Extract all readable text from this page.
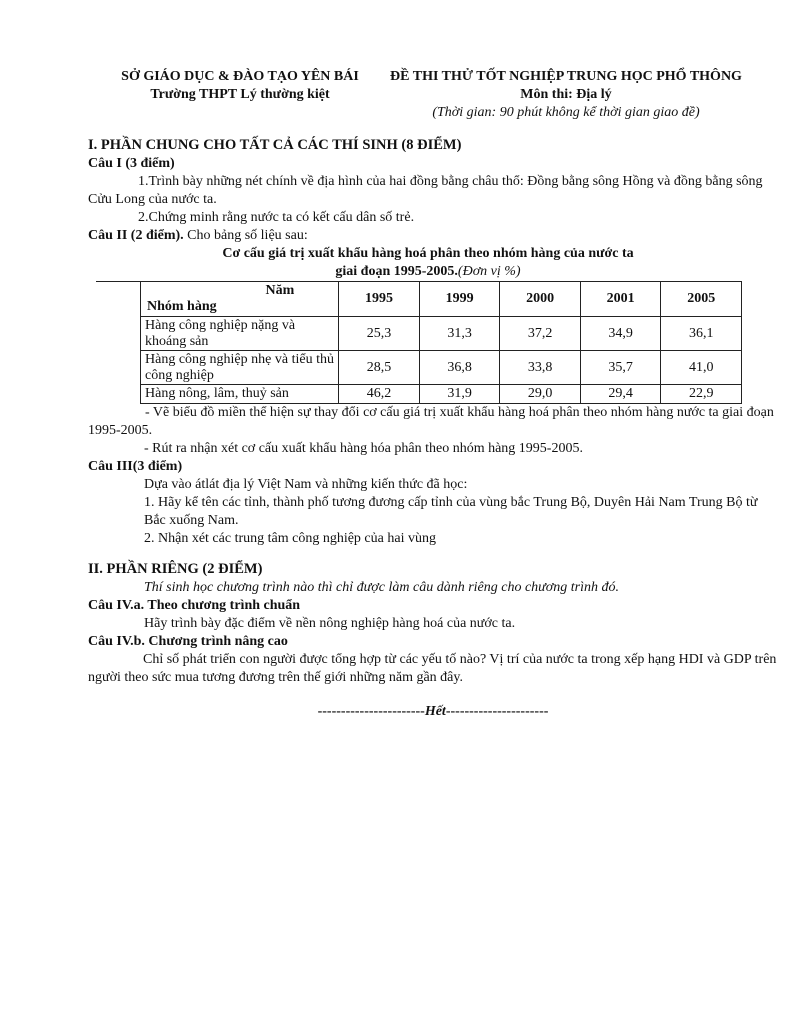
SỞ GIÁO DỤC & ĐÀO TẠO YÊN BÁI
Trường THPT Lý thường kiệt
ĐỀ THI THỬ TỐT NGHIỆP TRUNG HỌC PHỔ THÔNG
Môn thi: Địa lý
(Thời gian: 90 phút không kể thời gian giao đề)

I. PHẦN CHUNG CHO TẤT CẢ CÁC THÍ SINH (8 ĐIỂM)

Câu I (3 điểm)

1.Trình bày những nét chính về địa hình của hai đồng bằng châu thổ: Đồng bằng sông Hồng và đồng bằng sông Cửu Long của nước ta.

2.Chứng minh rằng nước ta có kết cấu dân số trẻ.

Câu II (2 điểm). Cho bảng số liệu sau:

Cơ cấu giá trị xuất khẩu hàng hoá phân theo nhóm hàng của nước ta
giai đoạn 1995-2005.(Đơn vị %)
Năm
Nhóm hàng	1995	1999	2000	2001	2005
Hàng công nghiệp nặng và khoáng sản	25,3	31,3	37,2	34,9	36,1
Hàng công nghiệp nhẹ và tiểu thủ công nghiệp	28,5	36,8	33,8	35,7	41,0
Hàng nông, lâm, thuỷ sản	46,2	31,9	29,0	29,4	22,9

- Vẽ biểu đồ miền thể hiện sự thay đổi cơ cấu giá trị xuất khẩu hàng hoá phân theo nhóm hàng nước ta giai đoạn 1995-2005.

- Rút ra nhận xét cơ cấu xuất khẩu hàng hóa phân theo nhóm hàng 1995-2005.

Câu III(3 điểm)

Dựa vào átlát địa lý Việt Nam và những kiến thức đã học:

1. Hãy kể tên các tỉnh, thành phố tương đương cấp tỉnh của vùng bắc Trung Bộ, Duyên Hải Nam Trung Bộ từ Bắc xuống Nam.

2. Nhận xét các trung tâm công nghiệp của hai vùng

II. PHẦN RIÊNG (2 ĐIỂM)

Thí sinh học chương trình nào thì chỉ được làm câu dành riêng cho chương trình đó.

Câu IV.a. Theo chương trình chuẩn

Hãy trình bày đặc điểm về nền nông nghiệp hàng hoá của nước ta.

Câu IV.b. Chương trình nâng cao

Chỉ số phát triển con người được tổng hợp từ các yếu tố nào? Vị trí của nước ta trong xếp hạng HDI và GDP trên người theo sức mua tương đương trên thế giới những năm gần đây.

-----------------------Hết----------------------
